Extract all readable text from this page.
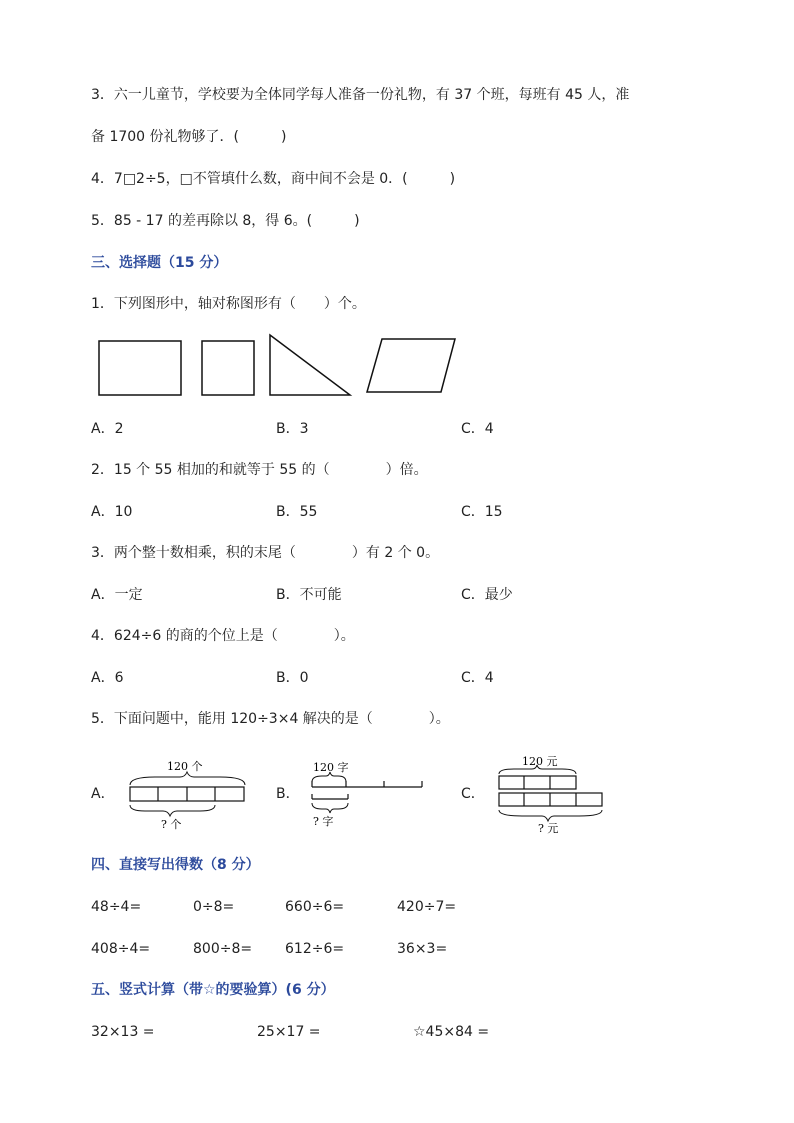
3．六一儿童节，学校要为全体同学每人准备一份礼物，有 37 个班，每班有 45 人，准
备 1700 份礼物够了．(　　　)
4．7□2÷5，□不管填什么数，商中间不会是 0．(　　　)
5．85 - 17 的差再除以 8，得 6。(　　　)
三、选择题（15 分）
1．下列图形中，轴对称图形有（　　）个。
A．2	B．3	C．4
2．15 个 55 相加的和就等于 55 的（　　　　）倍。
A．10	B．55	C．15
3．两个整十数相乘，积的末尾（　　　　）有 2 个 0。
A．一定	B．不可能	C．最少
4．624÷6 的商的个位上是（　　　　）。
A．6	B．0	C．4
5．下面问题中，能用 120÷3×4 解决的是（　　　　）。
A．	B．	C．
120 个
? 个
120 字
? 字
120 元
? 元
四、直接写出得数（8 分）
48÷4=	0÷8=	660÷6=	420÷7=
408÷4=	800÷8= 612÷6=	36×3=
五、竖式计算（带☆的要验算）(6 分）
32×13 =	25×17 =	☆45×84 =
